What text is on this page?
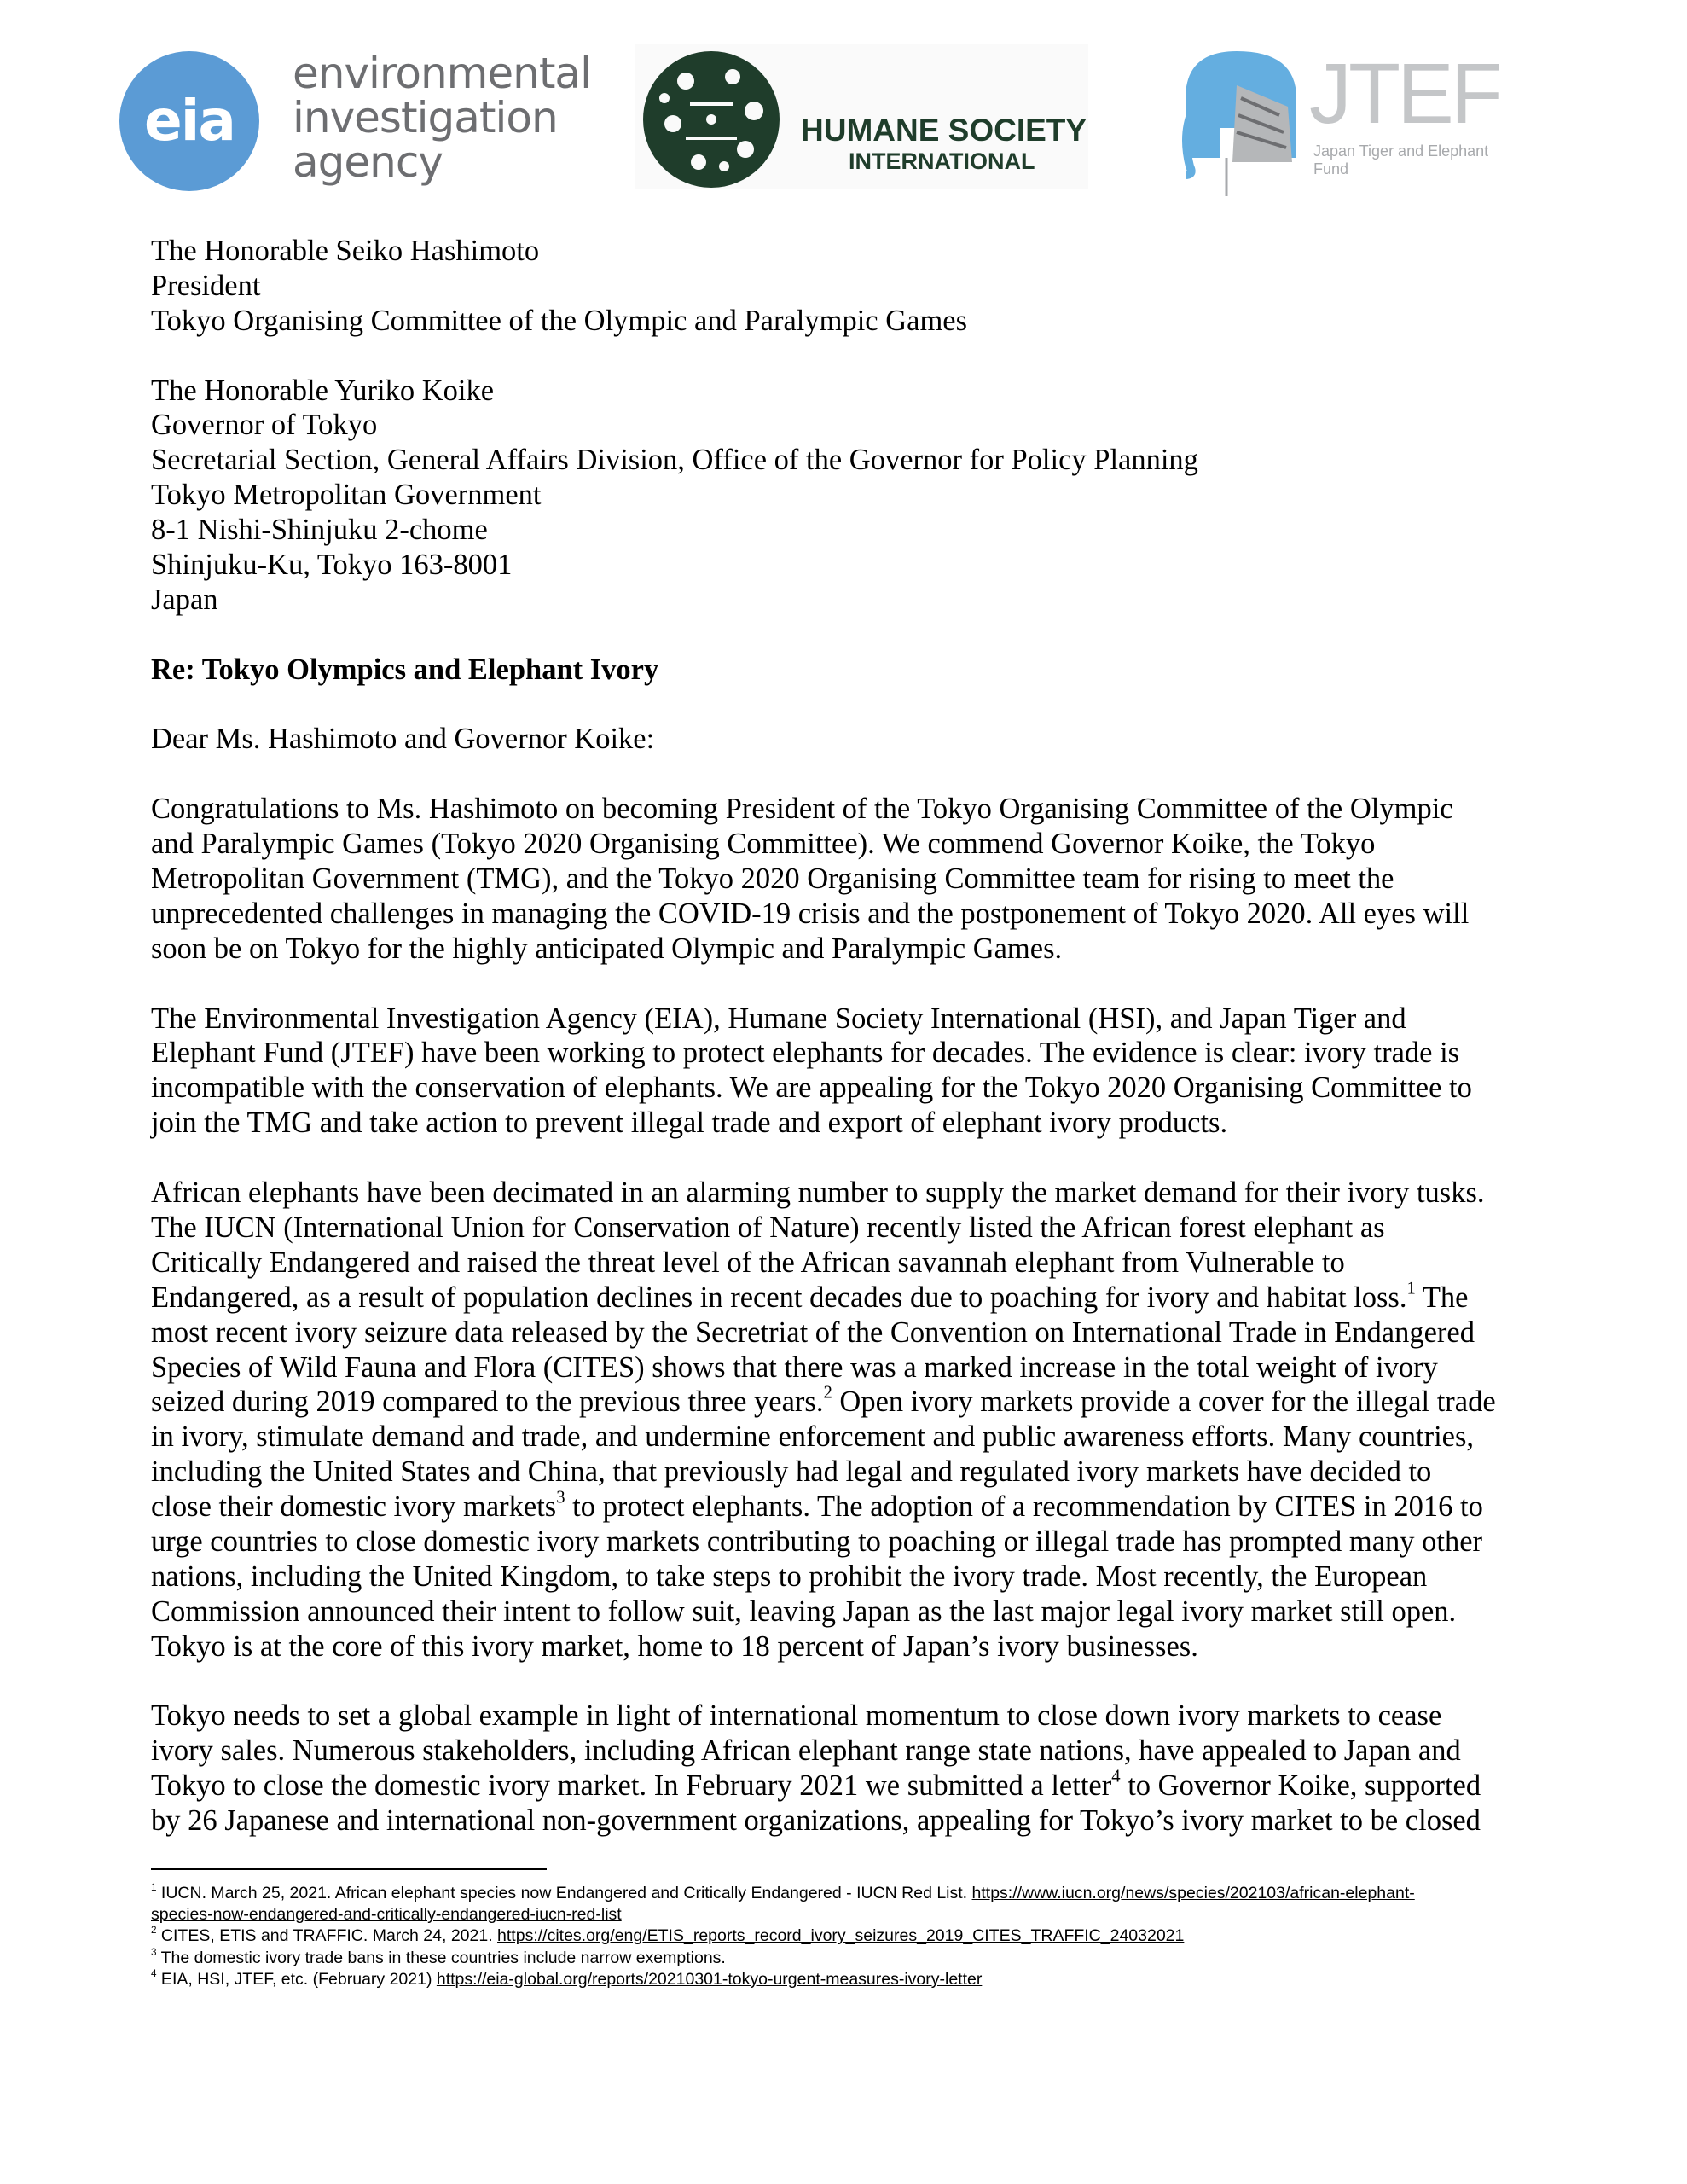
eia
environmental
investigation
agency
HUMANE SOCIETY
INTERNATIONAL
JTEF
Japan Tiger and Elephant Fund
The Honorable Seiko Hashimoto
President
Tokyo Organising Committee of the Olympic and Paralympic Games
The Honorable Yuriko Koike
Governor of Tokyo
Secretarial Section, General Affairs Division, Office of the Governor for Policy Planning
Tokyo Metropolitan Government
8-1 Nishi-Shinjuku 2-chome
Shinjuku-Ku, Tokyo 163-8001
Japan
Re: Tokyo Olympics and Elephant Ivory
Dear Ms. Hashimoto and Governor Koike:
Congratulations to Ms. Hashimoto on becoming President of the Tokyo Organising Committee of the Olympic
and Paralympic Games (Tokyo 2020 Organising Committee). We commend Governor Koike, the Tokyo
Metropolitan Government (TMG), and the Tokyo 2020 Organising Committee team for rising to meet the
unprecedented challenges in managing the COVID-19 crisis and the postponement of Tokyo 2020. All eyes will
soon be on Tokyo for the highly anticipated Olympic and Paralympic Games.
The Environmental Investigation Agency (EIA), Humane Society International (HSI), and Japan Tiger and
Elephant Fund (JTEF) have been working to protect elephants for decades. The evidence is clear: ivory trade is
incompatible with the conservation of elephants. We are appealing for the Tokyo 2020 Organising Committee to
join the TMG and take action to prevent illegal trade and export of elephant ivory products.
African elephants have been decimated in an alarming number to supply the market demand for their ivory tusks.
The IUCN (International Union for Conservation of Nature) recently listed the African forest elephant as
Critically Endangered and raised the threat level of the African savannah elephant from Vulnerable to
Endangered, as a result of population declines in recent decades due to poaching for ivory and habitat loss.$^1$ The
most recent ivory seizure data released by the Secretriat of the Convention on International Trade in Endangered
Species of Wild Fauna and Flora (CITES) shows that there was a marked increase in the total weight of ivory
seized during 2019 compared to the previous three years.$^2$ Open ivory markets provide a cover for the illegal trade
in ivory, stimulate demand and trade, and undermine enforcement and public awareness efforts. Many countries,
including the United States and China, that previously had legal and regulated ivory markets have decided to
close their domestic ivory markets$^3$ to protect elephants. The adoption of a recommendation by CITES in 2016 to
urge countries to close domestic ivory markets contributing to poaching or illegal trade has prompted many other
nations, including the United Kingdom, to take steps to prohibit the ivory trade. Most recently, the European
Commission announced their intent to follow suit, leaving Japan as the last major legal ivory market still open.
Tokyo is at the core of this ivory market, home to 18 percent of Japan’s ivory businesses.
Tokyo needs to set a global example in light of international momentum to close down ivory markets to cease
ivory sales. Numerous stakeholders, including African elephant range state nations, have appealed to Japan and
Tokyo to close the domestic ivory market. In February 2021 we submitted a letter$^4$ to Governor Koike, supported
by 26 Japanese and international non-government organizations, appealing for Tokyo’s ivory market to be closed
$^1$ IUCN. March 25, 2021. African elephant species now Endangered and Critically Endangered - IUCN Red List. https://www.iucn.org/news/species/202103/african-elephant-
species-now-endangered-and-critically-endangered-iucn-red-list
$^2$ CITES, ETIS and TRAFFIC. March 24, 2021. https://cites.org/eng/ETIS_reports_record_ivory_seizures_2019_CITES_TRAFFIC_24032021
$^3$ The domestic ivory trade bans in these countries include narrow exemptions.
$^4$ EIA, HSI, JTEF, etc. (February 2021) https://eia-global.org/reports/20210301-tokyo-urgent-measures-ivory-letter
